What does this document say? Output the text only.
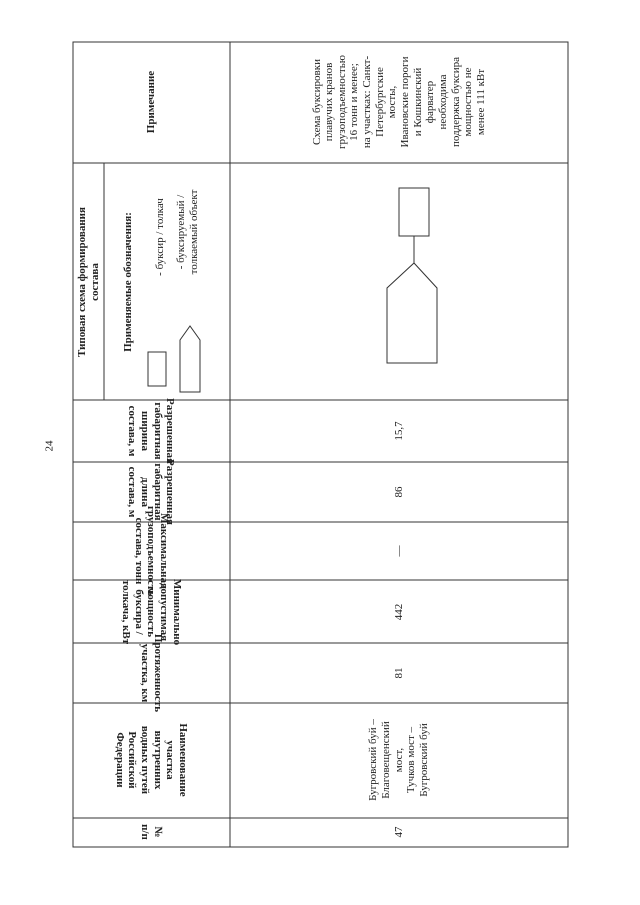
24
№
п/п
Наименование
участка
внутренних
водных путей
Российской
Федерации
Протяженность
участка, км
Минимально
допустимая мощность
буксира / толкача, кВт
Максимальная
грузоподъемность
состава, тонн
Разрешенная
габаритная длина
состава, м
Разрешенная
габаритная ширина
состава, м
Типовая схема формирования
состава Применяемые обозначения:	- буксир / толкач - буксируемый /
толкаемый объект
Примечание
47
Бугровский буй –
Благовещенский
мост,
Тучков мост –
Бугровский буй
81
442
—
86
15,7
Схема буксировки
плавучих кранов
грузоподъемностью
16 тонн и менее;
на участках: Санкт-
Петербургские
мосты,
Ивановские пороги
и Кошкинский
фарватер
необходима
поддержка буксира
мощностью не
менее 111 кВт
